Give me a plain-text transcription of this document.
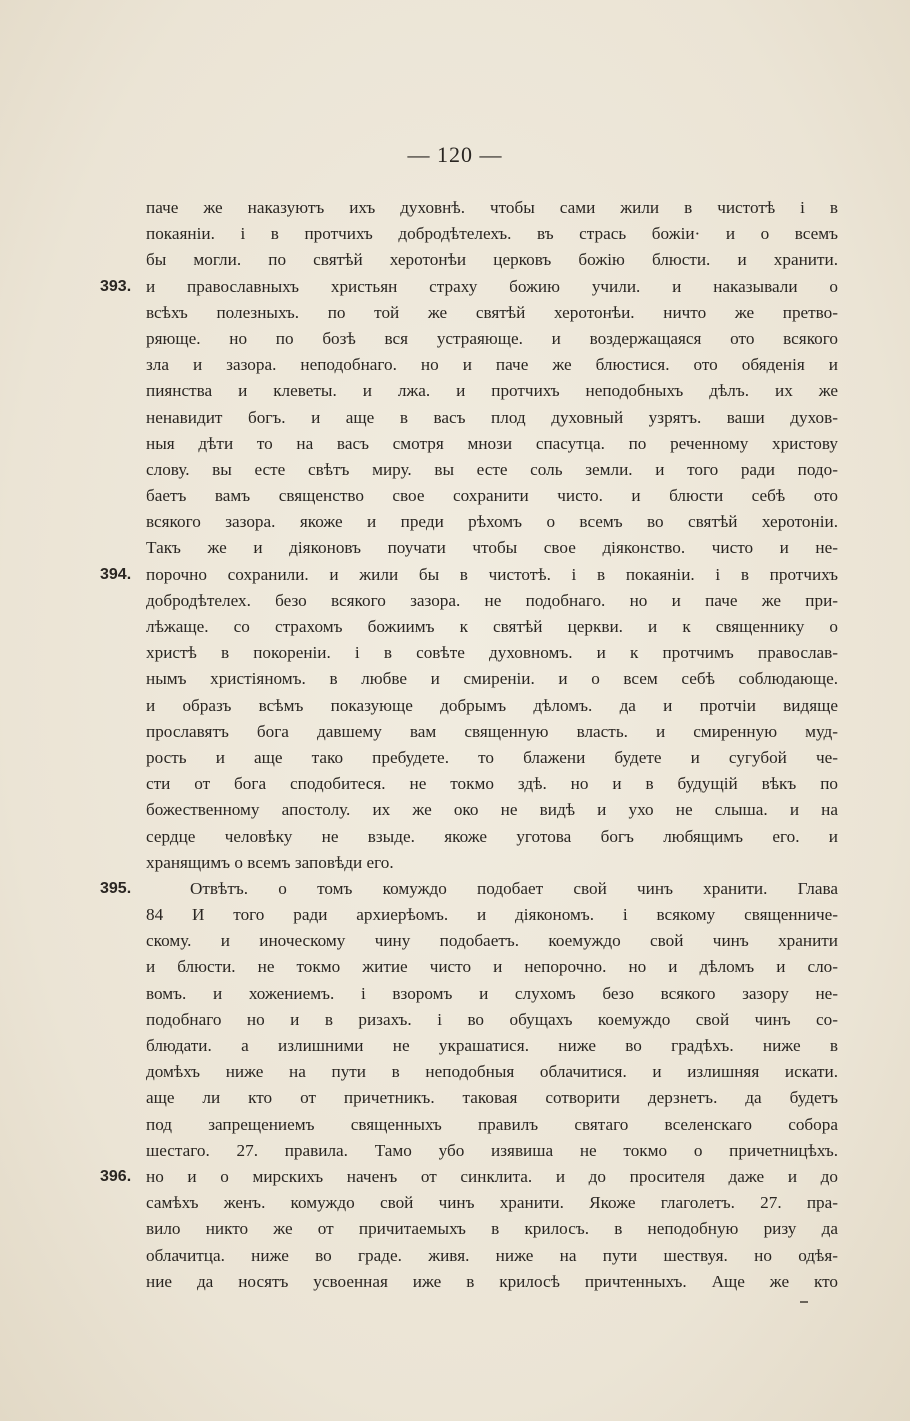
— 120 —
паче же наказуютъ ихъ духовнѣ. чтобы сами жили в чистотѣ і в
покаяніи. і в протчихъ добродѣтелехъ. въ стрась божіи· и о всемъ
бы могли. по святѣй херотонѣи церковъ божію блюсти. и хранити.
и православныхъ христьян страху божию учили. и наказывали о
всѣхъ полезныхъ. по той же святѣй херотонѣи. ничто же претво-
ряюще. но по бозѣ вся устраяюще. и воздержащаяся ото всякого
зла и зазора. неподобнаго. но и паче же блюстися. ото обяденія и
пиянства и клеветы. и лжа. и протчихъ неподобныхъ дѣлъ. их же
ненавидит богъ. и аще в васъ плод духовный узрятъ. ваши духов-
ныя дѣти то на васъ смотря мнози спасутца. по реченному христову
слову. вы есте свѣтъ миру. вы есте соль земли. и того ради подо-
баетъ вамъ священство свое сохранити чисто. и блюсти себѣ ото
всякого зазора. якоже и преди рѣхомъ о всемъ во святѣй херотоніи.
Такъ же и діяконовъ поучати чтобы свое діяконство. чисто и не-
порочно сохранили. и жили бы в чистотѣ. і в покаяніи. і в протчихъ
добродѣтелех. безо всякого зазора. не подобнаго. но и паче же при-
лѣжаще. со страхомъ божиимъ к святѣй церкви. и к священнику о
христѣ в покореніи. і в совѣте духовномъ. и к протчимъ православ-
нымъ христіяномъ. в любве и смиреніи. и о всем себѣ соблюдающе.
и образъ всѣмъ показующе добрымъ дѣломъ. да и протчіи видяще
прославятъ бога давшему вам священную власть. и смиренную муд-
рость и аще тако пребудете. то блажени будете и сугубой че-
сти от бога сподобитеся. не токмо здѣ. но и в будущій вѣкъ по
божественному апостолу. их же око не видѣ и ухо не слыша. и на
сердце человѣку не взыде. якоже уготова богъ любящимъ его. и
хранящимъ о всемъ заповѣди его.
Отвѣтъ. о томъ комуждо подобает свой чинъ хранити. Глава
84 И того ради архиерѣомъ. и діякономъ. і всякому священниче-
скому. и иноческому чину подобаетъ. коемуждо свой чинъ хранити
и блюсти. не токмо житие чисто и непорочно. но и дѣломъ и сло-
вомъ. и хожениемъ. і взоромъ и слухомъ безо всякого зазору не-
подобнаго но и в ризахъ. і во обущахъ коемуждо свой чинъ со-
блюдати. а излишними не украшатися. ниже во градѣхъ. ниже в
домѣхъ ниже на пути в неподобныя облачитися. и излишняя искати.
аще ли кто от причетникъ. таковая сотворити дерзнетъ. да будетъ
под запрещениемъ священныхъ правилъ святаго вселенскаго собора
шестаго. 27. правила. Тамо убо изявиша не токмо о причетницѣхъ.
но и о мирскихъ наченъ от синклита. и до просителя даже и до
самѣхъ женъ. комуждо свой чинъ хранити. Якоже глаголетъ. 27. пра-
вило никто же от причитаемыхъ в крилосъ. в неподобную ризу да
облачитца. ниже во граде. живя. ниже на пути шествуя. но одѣя-
ние да носятъ усвоенная иже в крилосѣ причтенныхъ. Аще же кто
393.
394.
395.
396.
